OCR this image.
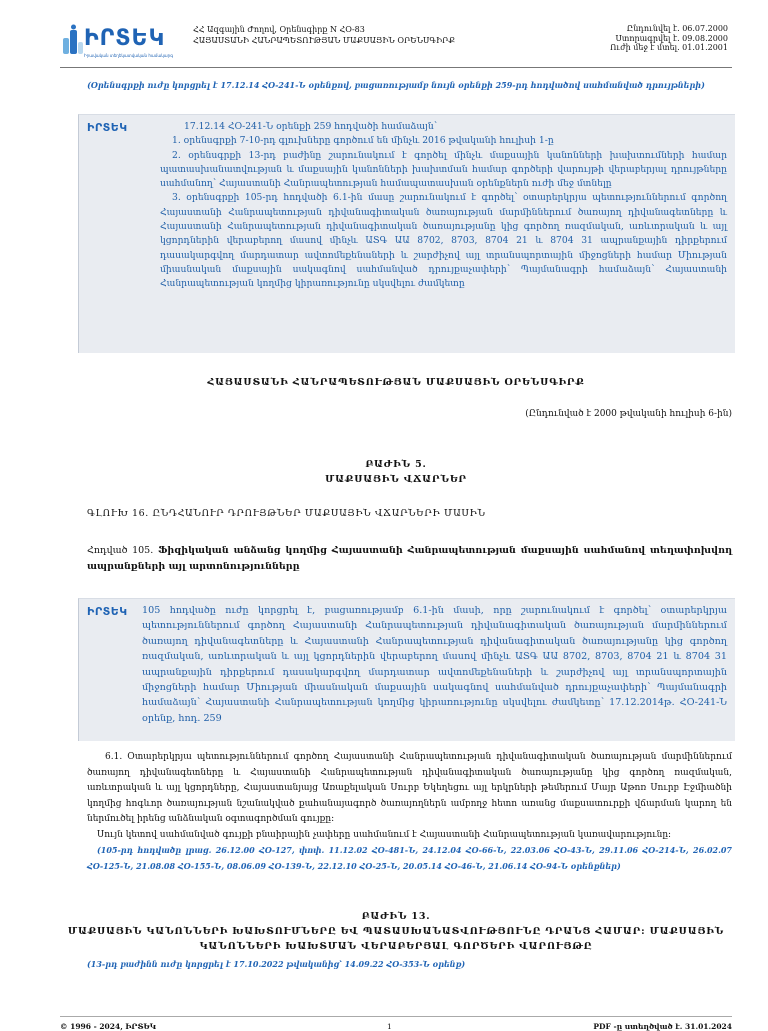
ԻՐՏԵԿ
Իրավական տեղեկատվական համակարգ
ՀՀ Ազգային Ժողով, Օրենսգիրք N ՀՕ-83
ՀԱՅԱՍՏԱՆԻ ՀԱՆՐԱՊԵՏՈՒԹՅԱՆ ՄԱՔՍԱՅԻՆ ՕՐԵՆՍԳԻՐՔ
Ընդունվել է. 06.07.2000
Ստորագրվել է. 09.08.2000
Ուժի մեջ է մտել. 01.01.2001
(Օրենսգրքի ուժը կորցրել է 17.12.14 ՀՕ-241-Ն օրենքով, բացառությամբ նույն օրենքի 259-րդ հոդվածով սահմանված դրույթների)
ԻՐՏԵԿ	17.12.14 ՀՕ-241-Ն օրենքի 259 հոդվածի համաձայն՝

1. օրենսգրքի 7-10-րդ գլուխները գործում են մինչև 2016 թվականի հուլիսի 1-ը

2. օրենսգրքի 13-րդ բաժինը շարունակում է գործել մինչև մաքսային կանոնների խախտումների համար պատասխանատվության և մաքսային կանոնների խախտման համար գործերի վարույթի վերաբերյալ դրույթները սահմանող՝ Հայաստանի Հանրապետության համապատասխան օրենքներն ուժի մեջ մտնելը

3. օրենսգրքի 105-րդ հոդվածի 6.1-ին մասը շարունակում է գործել՝ օտարերկրյա պետություններում գործող Հայաստանի Հանրապետության դիվանագիտական ծառայության մարմիններում ծառայող դիվանագետները և Հայաստանի Հանրապետության դիվանագիտական ծառայությանը կից գործող ռազմական, առևտրական և այլ կցորդներին վերաբերող մասով մինչև ԱՏԳ ԱԱ 8702, 8703, 8704 21 և 8704 31 ապրանքային դիրքերում դասակարգվող մարդատար ավտոմեքենաների և շարժիչով այլ տրանսպորտային միջոցների համար Միության միասնական մաքսային սակագնով սահմանված դրույքաչափերի՝ Պայմանագրի համաձայն՝ Հայաստանի Հանրապետության կողմից կիրառությունը սկսվելու ժամկետը

ՀԱՅԱՍՏԱՆԻ ՀԱՆՐԱՊԵՏՈՒԹՅԱՆ ՄԱՔՍԱՅԻՆ ՕՐԵՆՍԳԻՐՔ
(Ընդունված է 2000 թվականի հուլիսի 6-ին)
ԲԱԺԻՆ 5.
ՄԱՔՍԱՅԻՆ ՎՃԱՐՆԵՐ
ԳԼՈՒԽ 16. ԸՆԴՀԱՆՈՒՐ ԴՐՈՒՅԹՆԵՐ ՄԱՔՍԱՅԻՆ ՎՃԱՐՆԵՐԻ ՄԱՍԻՆ
Հոդված 105. Ֆիզիկական անձանց կողմից Հայաստանի Հանրապետության մաքսային սահմանով տեղափոխվող ապրանքների այլ արտոնությունները
ԻՐՏԵԿ 105 հոդվածը ուժը կորցրել է, բացառությամբ 6.1-ին մասի, որը շարունակում է գործել՝ օտարերկրյա պետություններում գործող Հայաստանի Հանրապետության դիվանագիտական ծառայության մարմիններում ծառայող դիվանագետները և Հայաստանի Հանրապետության դիվանագիտական ծառայությանը կից գործող ռազմական, առևտրական և այլ կցորդներին վերաբերող մասով մինչև ԱՏԳ ԱԱ 8702, 8703, 8704 21 և 8704 31 ապրանքային դիրքերում դասակարգվող մարդատար ավտոմեքենաների և շարժիչով այլ տրանսպորտային միջոցների համար Միության միասնական մաքսային սակագնով սահմանված դրույքաչափերի՝ Պայմանագրի համաձայն՝ Հայաստանի Հանրապետության կողմից կիրառությունը սկսվելու ժամկետը՝ 17.12.2014թ. ՀՕ-241-Ն օրենք, հոդ. 259

6.1. Օտարերկրյա պետություններում գործող Հայաստանի Հանրապետության դիվանագիտական ծառայության մարմիններում ծառայող դիվանագետները և Հայաստանի Հանրապետության դիվանագիտական ծառայությանը կից գործող ռազմական, առևտրական և այլ կցորդները, Հայաստանյայց Առաքելական Սուրբ Եկեղեցու այլ երկրների թեմերում Մայր Աթոռ Սուրբ Էջմիածնի կողմից հոգևոր ծառայության նշանակված քահանայագործ ծառայողներն ամբողջ հետո առանց մաքսատուրքի վճարման կարող են ներմուծել իրենց անձնական օգտագործման գույքը:

Սույն կետով սահմանված գույքի բնաիրային չափերը սահմանում է Հայաստանի Հանրապետության կառավարությունը:

(105-րդ հոդվածը լրաց. 26.12.00 ՀՕ-127, փոփ. 11.12.02 ՀՕ-481-Ն, 24.12.04 ՀՕ-66-Ն, 22.03.06 ՀՕ-43-Ն, 29.11.06 ՀՕ-214-Ն, 26.02.07 ՀՕ-125-Ն, 21.08.08 ՀՕ-155-Ն, 08.06.09 ՀՕ-139-Ն, 22.12.10 ՀՕ-25-Ն, 20.05.14 ՀՕ-46-Ն, 21.06.14 ՀՕ-94-Ն օրենքներ)

ԲԱԺԻՆ 13.
ՄԱՔՍԱՅԻՆ ԿԱՆՈՆՆԵՐԻ ԽԱԽՏՈՒՄՆԵՐԸ ԵՎ ՊԱՏԱՍԽԱՆԱՏՎՈՒԹՅՈՒՆԸ ԴՐԱՆՑ ՀԱՄԱՐ: ՄԱՔՍԱՅԻՆ
ԿԱՆՈՆՆԵՐԻ ԽԱԽՏՄԱՆ ՎԵՐԱԲԵՐՅԱԼ ԳՈՐԾԵՐԻ ՎԱՐՈՒՅԹԸ
(13-րդ բաժինն ուժը կորցրել է 17.10.2022 թվականից՝ 14.09.22 ՀՕ-353-Ն օրենք)
© 1996 - 2024, ԻՐՏԵԿ	1	PDF -ը ստեղծված է. 31.01.2024
